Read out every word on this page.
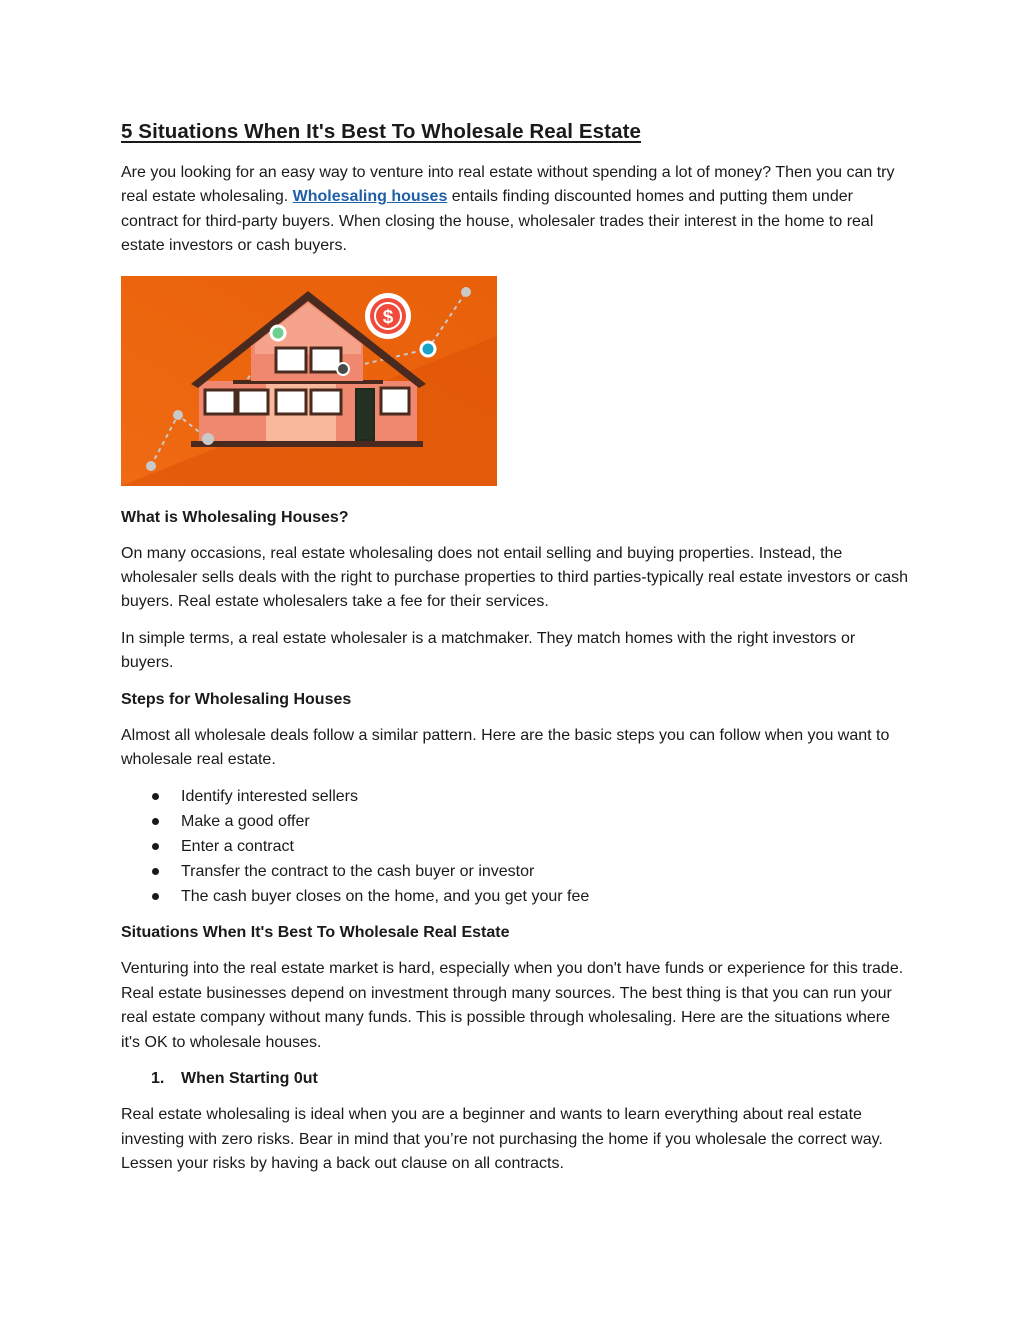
5 Situations When It's Best To Wholesale Real Estate

Are you looking for an easy way to venture into real estate without spending a lot of money? Then you can try real estate wholesaling. Wholesaling houses entails finding discounted homes and putting them under contract for third-party buyers. When closing the house, wholesaler trades their interest in the home to real estate investors or cash buyers.

$
What is Wholesaling Houses?

On many occasions, real estate wholesaling does not entail selling and buying properties. Instead, the wholesaler sells deals with the right to purchase properties to third parties-typically real estate investors or cash buyers. Real estate wholesalers take a fee for their services.

In simple terms, a real estate wholesaler is a matchmaker. They match homes with the right investors or buyers.

Steps for Wholesaling Houses

Almost all wholesale deals follow a similar pattern. Here are the basic steps you can follow when you want to wholesale real estate.

Identify interested sellers
Make a good offer
Enter a contract
Transfer the contract to the cash buyer or investor
The cash buyer closes on the home, and you get your fee
Situations When It's Best To Wholesale Real Estate

Venturing into the real estate market is hard, especially when you don't have funds or experience for this trade. Real estate businesses depend on investment through many sources. The best thing is that you can run your real estate company without many funds. This is possible through wholesaling. Here are the situations where it's OK to wholesale houses.

1. When Starting 0ut

Real estate wholesaling is ideal when you are a beginner and wants to learn everything about real estate investing with zero risks. Bear in mind that you’re not purchasing the home if you wholesale the correct way. Lessen your risks by having a back out clause on all contracts.
